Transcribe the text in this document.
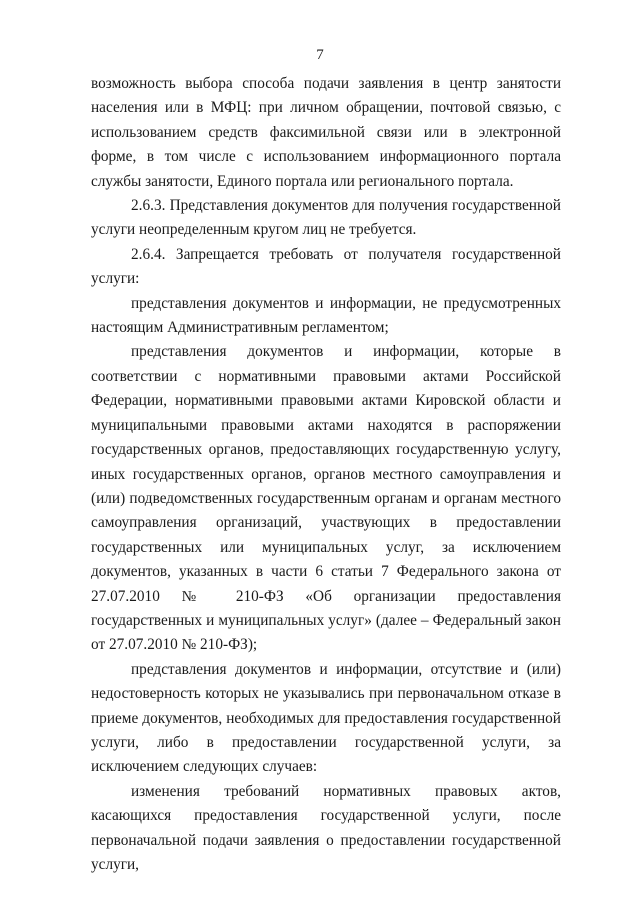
7

возможность выбора способа подачи заявления в центр занятости населения или в МФЦ: при личном обращении, почтовой связью, с использованием средств факсимильной связи или в электронной форме, в том числе с использованием информационного портала службы занятости, Единого портала или регионального портала.

2.6.3. Представления документов для получения государственной услуги неопределенным кругом лиц не требуется.

2.6.4. Запрещается требовать от получателя государственной услуги:

представления документов и информации, не предусмотренных настоящим Административным регламентом;

представления документов и информации, которые в соответствии с нормативными правовыми актами Российской Федерации, нормативными правовыми актами Кировской области и муниципальными правовыми актами находятся в распоряжении государственных органов, предоставляющих государственную услугу, иных государственных органов, органов местного самоуправления и (или) подведомственных государственным органам и органам местного самоуправления организаций, участвующих в предоставлении государственных или муниципальных услуг, за исключением документов, указанных в части 6 статьи 7 Федерального закона от 27.07.2010 № 210-ФЗ «Об организации предоставления государственных и муниципальных услуг» (далее – Федеральный закон от 27.07.2010 № 210-ФЗ);

представления документов и информации, отсутствие и (или) недостоверность которых не указывались при первоначальном отказе в приеме документов, необходимых для предоставления государственной услуги, либо в предоставлении государственной услуги, за исключением следующих случаев:

изменения требований нормативных правовых актов, касающихся предоставления государственной услуги, после первоначальной подачи заявления о предоставлении государственной услуги,
